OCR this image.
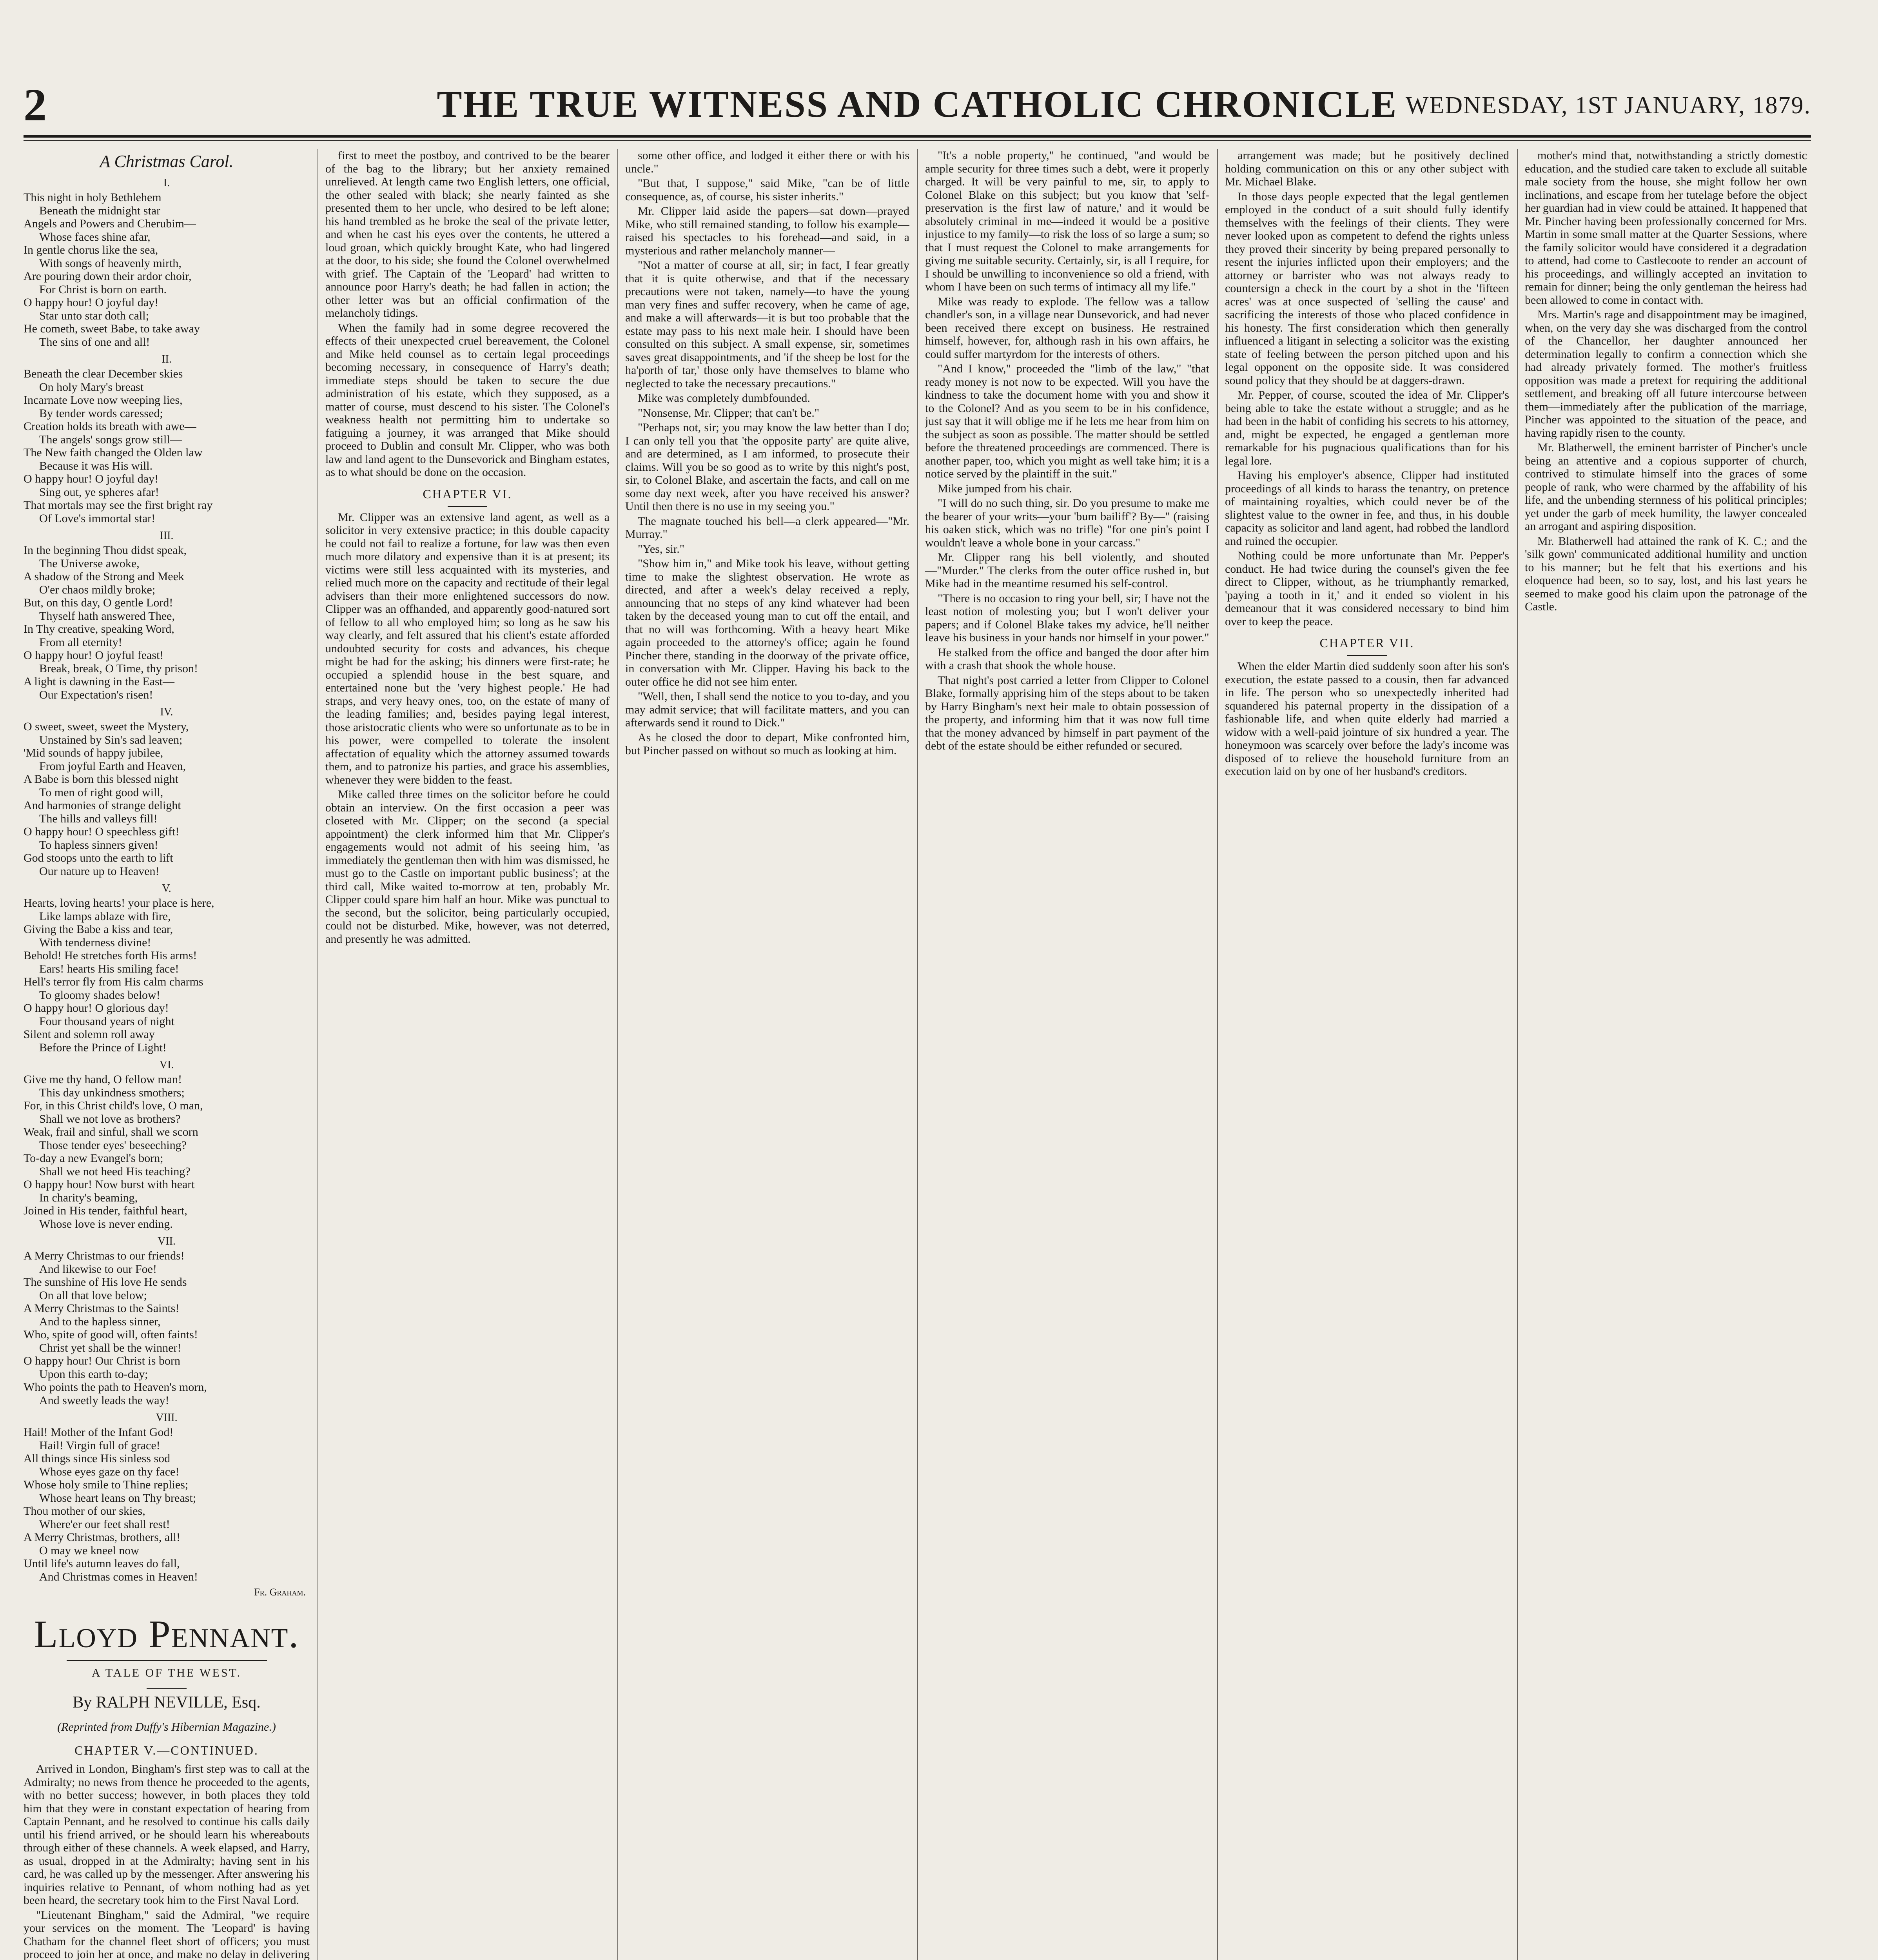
2	THE TRUE WITNESS AND CATHOLIC CHRONICLE WEDNESDAY, 1ST JANUARY, 1879.
A Christmas Carol.
I.
This night in holy Bethlehem
Beneath the midnight star
Angels and Powers and Cherubim—
Whose faces shine afar,
In gentle chorus like the sea,
With songs of heavenly mirth,
Are pouring down their ardor choir,
For Christ is born on earth.
O happy hour! O joyful day!
Star unto star doth call;
He cometh, sweet Babe, to take away
The sins of one and all!
II.
Beneath the clear December skies
On holy Mary's breast
Incarnate Love now weeping lies,
By tender words caressed;
Creation holds its breath with awe—
The angels' songs grow still—
The New faith changed the Olden law
Because it was His will.
O happy hour! O joyful day!
Sing out, ye spheres afar!
That mortals may see the first bright ray
Of Love's immortal star!
III.
In the beginning Thou didst speak,
The Universe awoke,
A shadow of the Strong and Meek
O'er chaos mildly broke;
But, on this day, O gentle Lord!
Thyself hath answered Thee,
In Thy creative, speaking Word,
From all eternity!
O happy hour! O joyful feast!
Break, break, O Time, thy prison!
A light is dawning in the East—
Our Expectation's risen!
IV.
O sweet, sweet, sweet the Mystery,
Unstained by Sin's sad leaven;
'Mid sounds of happy jubilee,
From joyful Earth and Heaven,
A Babe is born this blessed night
To men of right good will,
And harmonies of strange delight
The hills and valleys fill!
O happy hour! O speechless gift!
To hapless sinners given!
God stoops unto the earth to lift
Our nature up to Heaven!
V.
Hearts, loving hearts! your place is here,
Like lamps ablaze with fire,
Giving the Babe a kiss and tear,
With tenderness divine!
Behold! He stretches forth His arms!
Ears! hearts His smiling face!
Hell's terror fly from His calm charms
To gloomy shades below!
O happy hour! O glorious day!
Four thousand years of night
Silent and solemn roll away
Before the Prince of Light!
VI.
Give me thy hand, O fellow man!
This day unkindness smothers;
For, in this Christ child's love, O man,
Shall we not love as brothers?
Weak, frail and sinful, shall we scorn
Those tender eyes' beseeching?
To-day a new Evangel's born;
Shall we not heed His teaching?
O happy hour! Now burst with heart
In charity's beaming,
Joined in His tender, faithful heart,
Whose love is never ending.
VII.
A Merry Christmas to our friends!
And likewise to our Foe!
The sunshine of His love He sends
On all that love below;
A Merry Christmas to the Saints!
And to the hapless sinner,
Who, spite of good will, often faints!
Christ yet shall be the winner!
O happy hour! Our Christ is born
Upon this earth to-day;
Who points the path to Heaven's morn,
And sweetly leads the way!
VIII.
Hail! Mother of the Infant God!
Hail! Virgin full of grace!
All things since His sinless sod
Whose eyes gaze on thy face!
Whose holy smile to Thine replies;
Whose heart leans on Thy breast;
Thou mother of our skies,
Where'er our feet shall rest!
A Merry Christmas, brothers, all!
O may we kneel now
Until life's autumn leaves do fall,
And Christmas comes in Heaven!
Fr. Graham.
Lloyd Pennant.
A TALE OF THE WEST.
By RALPH NEVILLE, Esq.
(Reprinted from Duffy's Hibernian Magazine.)
CHAPTER V.—CONTINUED.

Arrived in London, Bingham's first step was to call at the Admiralty; no news from thence he proceeded to the agents, with no better success; however, in both places they told him that they were in constant expectation of hearing from Captain Pennant, and he resolved to continue his calls daily until his friend arrived, or he should learn his whereabouts through either of these channels. A week elapsed, and Harry, as usual, dropped in at the Admiralty; having sent in his card, he was called up by the messenger. After answering his inquiries relative to Pennant, of whom nothing had as yet been heard, the secretary took him to the First Naval Lord.

"Lieutenant Bingham," said the Admiral, "we require your services on the moment. The 'Leopard' is having Chatham for the channel fleet short of officers; you must proceed to join her at once, and make no delay in delivering

first to meet the postboy, and contrived to be the bearer of the bag to the library; but her anxiety remained unrelieved. At length came two English letters, one official, the other sealed with black; she nearly fainted as she presented them to her uncle, who desired to be left alone; his hand trembled as he broke the seal of the private letter, and when he cast his eyes over the contents, he uttered a loud groan, which quickly brought Kate, who had lingered at the door, to his side; she found the Colonel overwhelmed with grief. The Captain of the 'Leopard' had written to announce poor Harry's death; he had fallen in action; the other letter was but an official confirmation of the melancholy tidings.

When the family had in some degree recovered the effects of their unexpected cruel bereavement, the Colonel and Mike held counsel as to certain legal proceedings becoming necessary, in consequence of Harry's death; immediate steps should be taken to secure the due administration of his estate, which they supposed, as a matter of course, must descend to his sister. The Colonel's weakness health not permitting him to undertake so fatiguing a journey, it was arranged that Mike should proceed to Dublin and consult Mr. Clipper, who was both law and land agent to the Dunsevorick and Bingham estates, as to what should be done on the occasion.

CHAPTER VI.

Mr. Clipper was an extensive land agent, as well as a solicitor in very extensive practice; in this double capacity he could not fail to realize a fortune, for law was then even much more dilatory and expensive than it is at present; its victims were still less acquainted with its mysteries, and relied much more on the capacity and rectitude of their legal advisers than their more enlightened successors do now. Clipper was an offhanded, and apparently good-natured sort of fellow to all who employed him; so long as he saw his way clearly, and felt assured that his client's estate afforded undoubted security for costs and advances, his cheque might be had for the asking; his dinners were first-rate; he occupied a splendid house in the best square, and entertained none but the 'very highest people.' He had straps, and very heavy ones, too, on the estate of many of the leading families; and, besides paying legal interest, those aristocratic clients who were so unfortunate as to be in his power, were compelled to tolerate the insolent affectation of equality which the attorney assumed towards them, and to patronize his parties, and grace his assemblies, whenever they were bidden to the feast.

Mike called three times on the solicitor before he could obtain an interview. On the first occasion a peer was closeted with Mr. Clipper; on the second (a special appointment) the clerk informed him that Mr. Clipper's engagements would not admit of his seeing him, 'as immediately the gentleman then with him was dismissed, he must go to the Castle on important public business'; at the third call, Mike waited to-morrow at ten, probably Mr. Clipper could spare him half an hour. Mike was punctual to the second, but the solicitor, being particularly occupied, could not be disturbed. Mike, however, was not deterred, and presently he was admitted.

some other office, and lodged it either there or with his uncle."

"But that, I suppose," said Mike, "can be of little consequence, as, of course, his sister inherits."

Mr. Clipper laid aside the papers—sat down—prayed Mike, who still remained standing, to follow his example—raised his spectacles to his forehead—and said, in a mysterious and rather melancholy manner—

"Not a matter of course at all, sir; in fact, I fear greatly that it is quite otherwise, and that if the necessary precautions were not taken, namely—to have the young man very fines and suffer recovery, when he came of age, and make a will afterwards—it is but too probable that the estate may pass to his next male heir. I should have been consulted on this subject. A small expense, sir, sometimes saves great disappointments, and 'if the sheep be lost for the ha'porth of tar,' those only have themselves to blame who neglected to take the necessary precautions."

Mike was completely dumbfounded.

"Nonsense, Mr. Clipper; that can't be."

"Perhaps not, sir; you may know the law better than I do; I can only tell you that 'the opposite party' are quite alive, and are determined, as I am informed, to prosecute their claims. Will you be so good as to write by this night's post, sir, to Colonel Blake, and ascertain the facts, and call on me some day next week, after you have received his answer? Until then there is no use in my seeing you."

The magnate touched his bell—a clerk appeared—"Mr. Murray."

"Yes, sir."

"Show him in," and Mike took his leave, without getting time to make the slightest observation. He wrote as directed, and after a week's delay received a reply, announcing that no steps of any kind whatever had been taken by the deceased young man to cut off the entail, and that no will was forthcoming. With a heavy heart Mike again proceeded to the attorney's office; again he found Pincher there, standing in the doorway of the private office, in conversation with Mr. Clipper. Having his back to the outer office he did not see him enter.

"Well, then, I shall send the notice to you to-day, and you may admit service; that will facilitate matters, and you can afterwards send it round to Dick."

As he closed the door to depart, Mike confronted him, but Pincher passed on without so much as looking at him.

"It's a noble property," he continued, "and would be ample security for three times such a debt, were it properly charged. It will be very painful to me, sir, to apply to Colonel Blake on this subject; but you know that 'self-preservation is the first law of nature,' and it would be absolutely criminal in me—indeed it would be a positive injustice to my family—to risk the loss of so large a sum; so that I must request the Colonel to make arrangements for giving me suitable security. Certainly, sir, is all I require, for I should be unwilling to inconvenience so old a friend, with whom I have been on such terms of intimacy all my life."

Mike was ready to explode. The fellow was a tallow chandler's son, in a village near Dunsevorick, and had never been received there except on business. He restrained himself, however, for, although rash in his own affairs, he could suffer martyrdom for the interests of others.

"And I know," proceeded the "limb of the law," "that ready money is not now to be expected. Will you have the kindness to take the document home with you and show it to the Colonel? And as you seem to be in his confidence, just say that it will oblige me if he lets me hear from him on the subject as soon as possible. The matter should be settled before the threatened proceedings are commenced. There is another paper, too, which you might as well take him; it is a notice served by the plaintiff in the suit."

Mike jumped from his chair.

"I will do no such thing, sir. Do you presume to make me the bearer of your writs—your 'bum bailiff'? By—" (raising his oaken stick, which was no trifle) "for one pin's point I wouldn't leave a whole bone in your carcass."

Mr. Clipper rang his bell violently, and shouted—"Murder." The clerks from the outer office rushed in, but Mike had in the meantime resumed his self-control.

"There is no occasion to ring your bell, sir; I have not the least notion of molesting you; but I won't deliver your papers; and if Colonel Blake takes my advice, he'll neither leave his business in your hands nor himself in your power."

He stalked from the office and banged the door after him with a crash that shook the whole house.

That night's post carried a letter from Clipper to Colonel Blake, formally apprising him of the steps about to be taken by Harry Bingham's next heir male to obtain possession of the property, and informing him that it was now full time that the money advanced by himself in part payment of the debt of the estate should be either refunded or secured.

arrangement was made; but he positively declined holding communication on this or any other subject with Mr. Michael Blake.

In those days people expected that the legal gentlemen employed in the conduct of a suit should fully identify themselves with the feelings of their clients. They were never looked upon as competent to defend the rights unless they proved their sincerity by being prepared personally to resent the injuries inflicted upon their employers; and the attorney or barrister who was not always ready to countersign a check in the court by a shot in the 'fifteen acres' was at once suspected of 'selling the cause' and sacrificing the interests of those who placed confidence in his honesty. The first consideration which then generally influenced a litigant in selecting a solicitor was the existing state of feeling between the person pitched upon and his legal opponent on the opposite side. It was considered sound policy that they should be at daggers-drawn.

Mr. Pepper, of course, scouted the idea of Mr. Clipper's being able to take the estate without a struggle; and as he had been in the habit of confiding his secrets to his attorney, and, might be expected, he engaged a gentleman more remarkable for his pugnacious qualifications than for his legal lore.

Having his employer's absence, Clipper had instituted proceedings of all kinds to harass the tenantry, on pretence of maintaining royalties, which could never be of the slightest value to the owner in fee, and thus, in his double capacity as solicitor and land agent, had robbed the landlord and ruined the occupier.

Nothing could be more unfortunate than Mr. Pepper's conduct. He had twice during the counsel's given the fee direct to Clipper, without, as he triumphantly remarked, 'paying a tooth in it,' and it ended so violent in his demeanour that it was considered necessary to bind him over to keep the peace.

CHAPTER VII.

When the elder Martin died suddenly soon after his son's execution, the estate passed to a cousin, then far advanced in life. The person who so unexpectedly inherited had squandered his paternal property in the dissipation of a fashionable life, and when quite elderly had married a widow with a well-paid jointure of six hundred a year. The honeymoon was scarcely over before the lady's income was disposed of to relieve the household furniture from an execution laid on by one of her husband's creditors.

mother's mind that, notwithstanding a strictly domestic education, and the studied care taken to exclude all suitable male society from the house, she might follow her own inclinations, and escape from her tutelage before the object her guardian had in view could be attained. It happened that Mr. Pincher having been professionally concerned for Mrs. Martin in some small matter at the Quarter Sessions, where the family solicitor would have considered it a degradation to attend, had come to Castlecoote to render an account of his proceedings, and willingly accepted an invitation to remain for dinner; being the only gentleman the heiress had been allowed to come in contact with.

Mrs. Martin's rage and disappointment may be imagined, when, on the very day she was discharged from the control of the Chancellor, her daughter announced her determination legally to confirm a connection which she had already privately formed. The mother's fruitless opposition was made a pretext for requiring the additional settlement, and breaking off all future intercourse between them—immediately after the publication of the marriage, Pincher was appointed to the situation of the peace, and having rapidly risen to the county.

Mr. Blatherwell, the eminent barrister of Pincher's uncle being an attentive and a copious supporter of church, contrived to stimulate himself into the graces of some people of rank, who were charmed by the affability of his life, and the unbending sternness of his political principles; yet under the garb of meek humility, the lawyer concealed an arrogant and aspiring disposition.

Mr. Blatherwell had attained the rank of K. C.; and the 'silk gown' communicated additional humility and unction to his manner; but he felt that his exertions and his eloquence had been, so to say, lost, and his last years he seemed to make good his claim upon the patronage of the Castle.
